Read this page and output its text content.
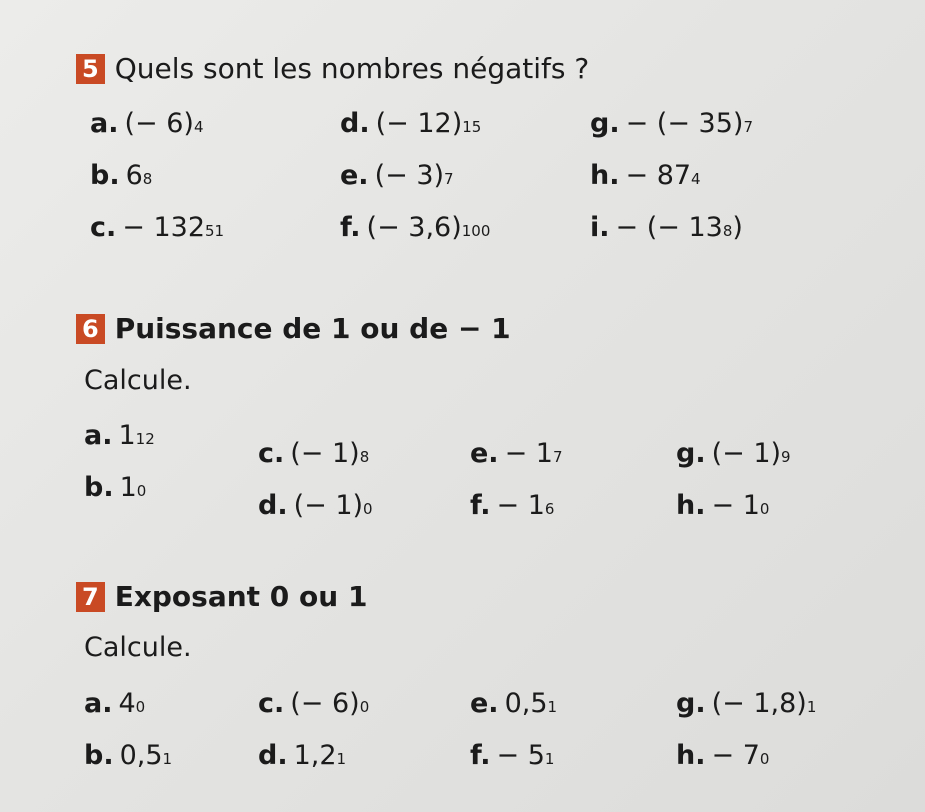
5 Quels sont les nombres négatifs ?
a. (− 6) 4
b. 6 8
c. − 132 51
d. (− 12) 15
e. (− 3) 7
f. (− 3,6) 100
g. − (− 35) 7
h. − 87 4
i. − (− 13 8 )
6 Puissance de 1 ou de − 1
Calcule.
a. 1 12
b. 1 0
c. (− 1) 8
d. (− 1) 0
e. − 1 7
f. − 1 6
g. (− 1) 9
h. − 1 0
7 Exposant 0 ou 1
Calcule.
a. 4 0
b. 0,5 1
c. (− 6) 0
d. 1,2 1
e. 0,5 1
f. − 5 1
g. (− 1,8) 1
h. − 7 0
